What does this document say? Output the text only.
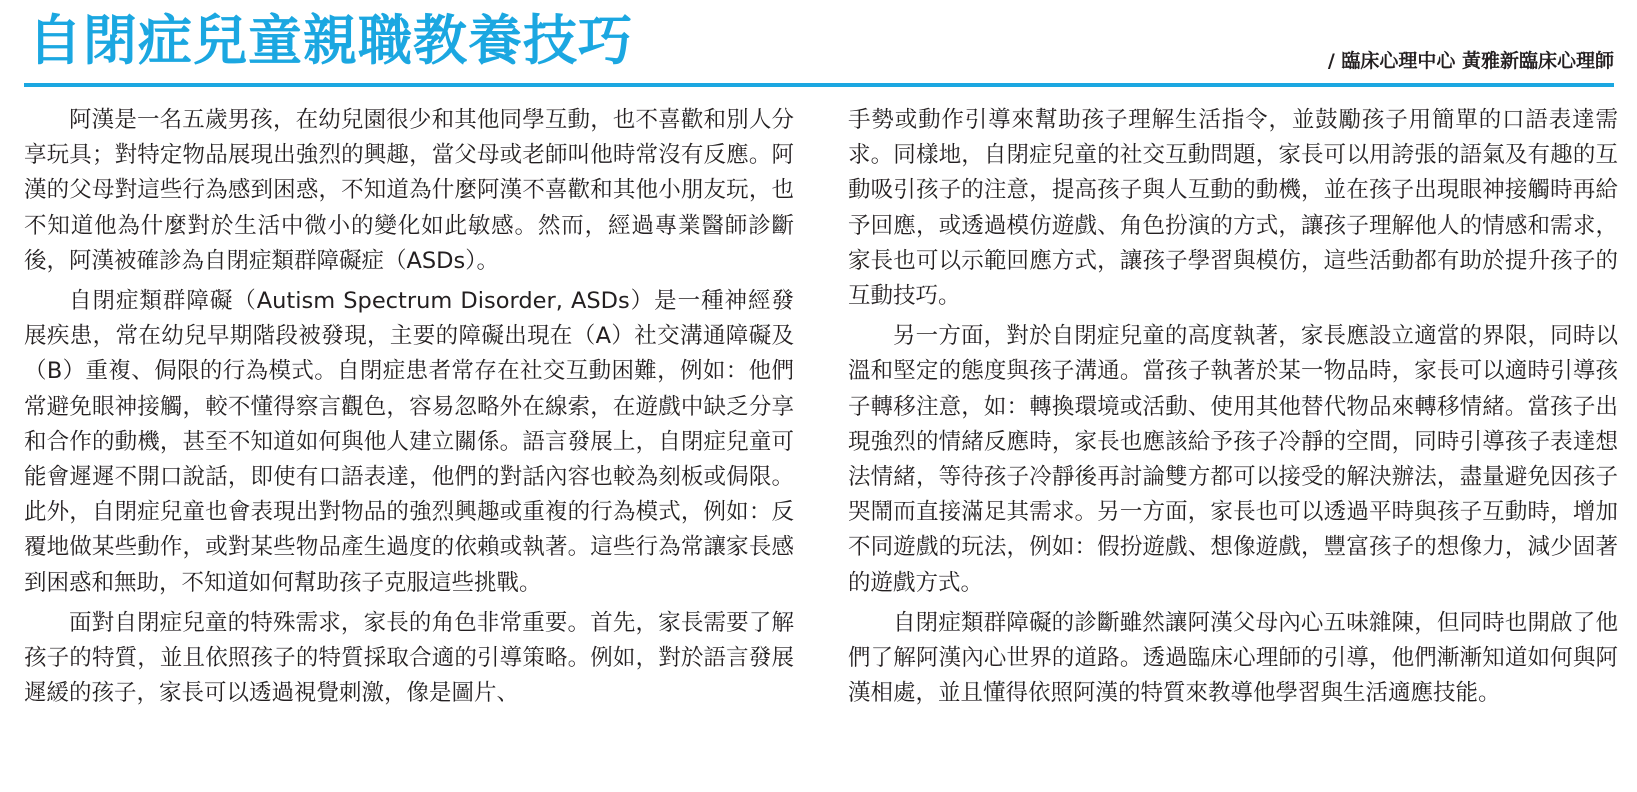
自閉症兒童親職教養技巧	/ 臨床心理中心 黃雅新臨床心理師

阿漢是一名五歲男孩，在幼兒園很少和其他同學互動，也不喜歡和別人分享玩具；對特定物品展現出強烈的興趣，當父母或老師叫他時常沒有反應。阿漢的父母對這些行為感到困惑，不知道為什麼阿漢不喜歡和其他小朋友玩，也不知道他為什麼對於生活中微小的變化如此敏感。然而，經過專業醫師診斷後，阿漢被確診為自閉症類群障礙症（ASDs）。

自閉症類群障礙（Autism Spectrum Disorder, ASDs）是一種神經發展疾患，常在幼兒早期階段被發現，主要的障礙出現在（A）社交溝通障礙及（B）重複、侷限的行為模式。自閉症患者常存在社交互動困難，例如：他們常避免眼神接觸，較不懂得察言觀色，容易忽略外在線索，在遊戲中缺乏分享和合作的動機，甚至不知道如何與他人建立關係。語言發展上，自閉症兒童可能會遲遲不開口說話，即使有口語表達，他們的對話內容也較為刻板或侷限。此外，自閉症兒童也會表現出對物品的強烈興趣或重複的行為模式，例如：反覆地做某些動作，或對某些物品產生過度的依賴或執著。這些行為常讓家長感到困惑和無助，不知道如何幫助孩子克服這些挑戰。

面對自閉症兒童的特殊需求，家長的角色非常重要。首先，家長需要了解孩子的特質，並且依照孩子的特質採取合適的引導策略。例如，對於語言發展遲緩的孩子，家長可以透過視覺刺激，像是圖片、

手勢或動作引導來幫助孩子理解生活指令，並鼓勵孩子用簡單的口語表達需求。同樣地，自閉症兒童的社交互動問題，家長可以用誇張的語氣及有趣的互動吸引孩子的注意，提高孩子與人互動的動機，並在孩子出現眼神接觸時再給予回應，或透過模仿遊戲、角色扮演的方式，讓孩子理解他人的情感和需求，家長也可以示範回應方式，讓孩子學習與模仿，這些活動都有助於提升孩子的互動技巧。

另一方面，對於自閉症兒童的高度執著，家長應設立適當的界限，同時以溫和堅定的態度與孩子溝通。當孩子執著於某一物品時，家長可以適時引導孩子轉移注意，如：轉換環境或活動、使用其他替代物品來轉移情緒。當孩子出現強烈的情緒反應時，家長也應該給予孩子冷靜的空間，同時引導孩子表達想法情緒，等待孩子冷靜後再討論雙方都可以接受的解決辦法，盡量避免因孩子哭鬧而直接滿足其需求。另一方面，家長也可以透過平時與孩子互動時，增加不同遊戲的玩法，例如：假扮遊戲、想像遊戲，豐富孩子的想像力，減少固著的遊戲方式。

自閉症類群障礙的診斷雖然讓阿漢父母內心五味雜陳，但同時也開啟了他們了解阿漢內心世界的道路。透過臨床心理師的引導，他們漸漸知道如何與阿漢相處，並且懂得依照阿漢的特質來教導他學習與生活適應技能。
